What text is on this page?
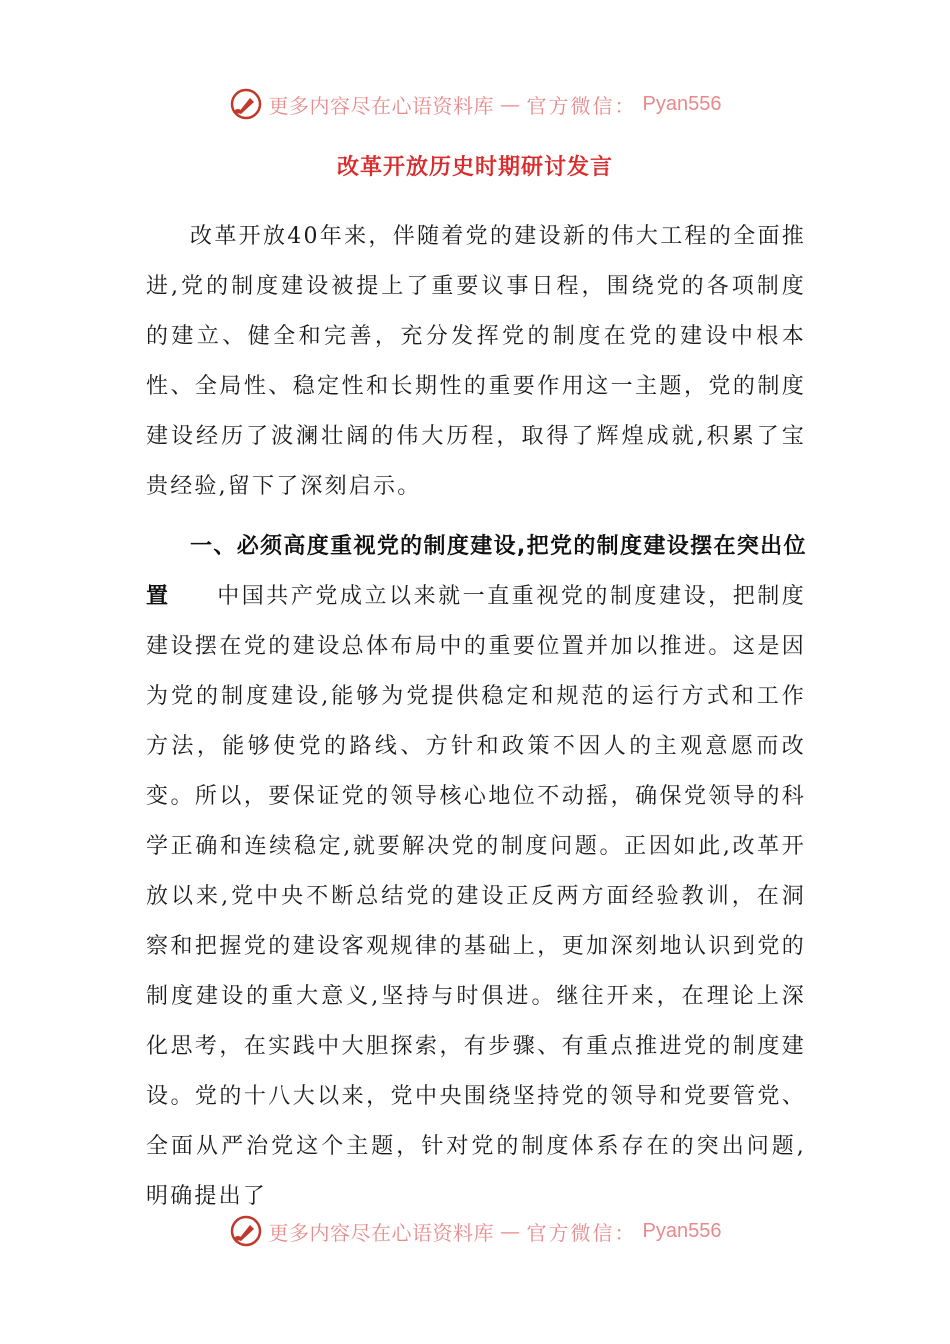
更多内容尽在心语资料库 — 官方微信： Pyan556
改革开放历史时期研讨发言

改革开放40年来，伴随着党的建设新的伟大工程的全面推进,党的制度建设被提上了重要议事日程，围绕党的各项制度的建立、健全和完善，充分发挥党的制度在党的建设中根本性、全局性、稳定性和长期性的重要作用这一主题，党的制度建设经历了波澜壮阔的伟大历程，取得了辉煌成就,积累了宝贵经验,留下了深刻启示。

一、必须高度重视党的制度建设,把党的制度建设摆在突出位置 中国共产党成立以来就一直重视党的制度建设，把制度建设摆在党的建设总体布局中的重要位置并加以推进。这是因为党的制度建设,能够为党提供稳定和规范的运行方式和工作方法，能够使党的路线、方针和政策不因人的主观意愿而改变。所以，要保证党的领导核心地位不动摇，确保党领导的科学正确和连续稳定,就要解决党的制度问题。正因如此,改革开放以来,党中央不断总结党的建设正反两方面经验教训，在洞察和把握党的建设客观规律的基础上，更加深刻地认识到党的制度建设的重大意义,坚持与时俱进。继往开来，在理论上深化思考，在实践中大胆探索，有步骤、有重点推进党的制度建设。党的十八大以来，党中央围绕坚持党的领导和党要管党、全面从严治党这个主题，针对党的制度体系存在的突出问题,明确提出了

更多内容尽在心语资料库 — 官方微信： Pyan556
